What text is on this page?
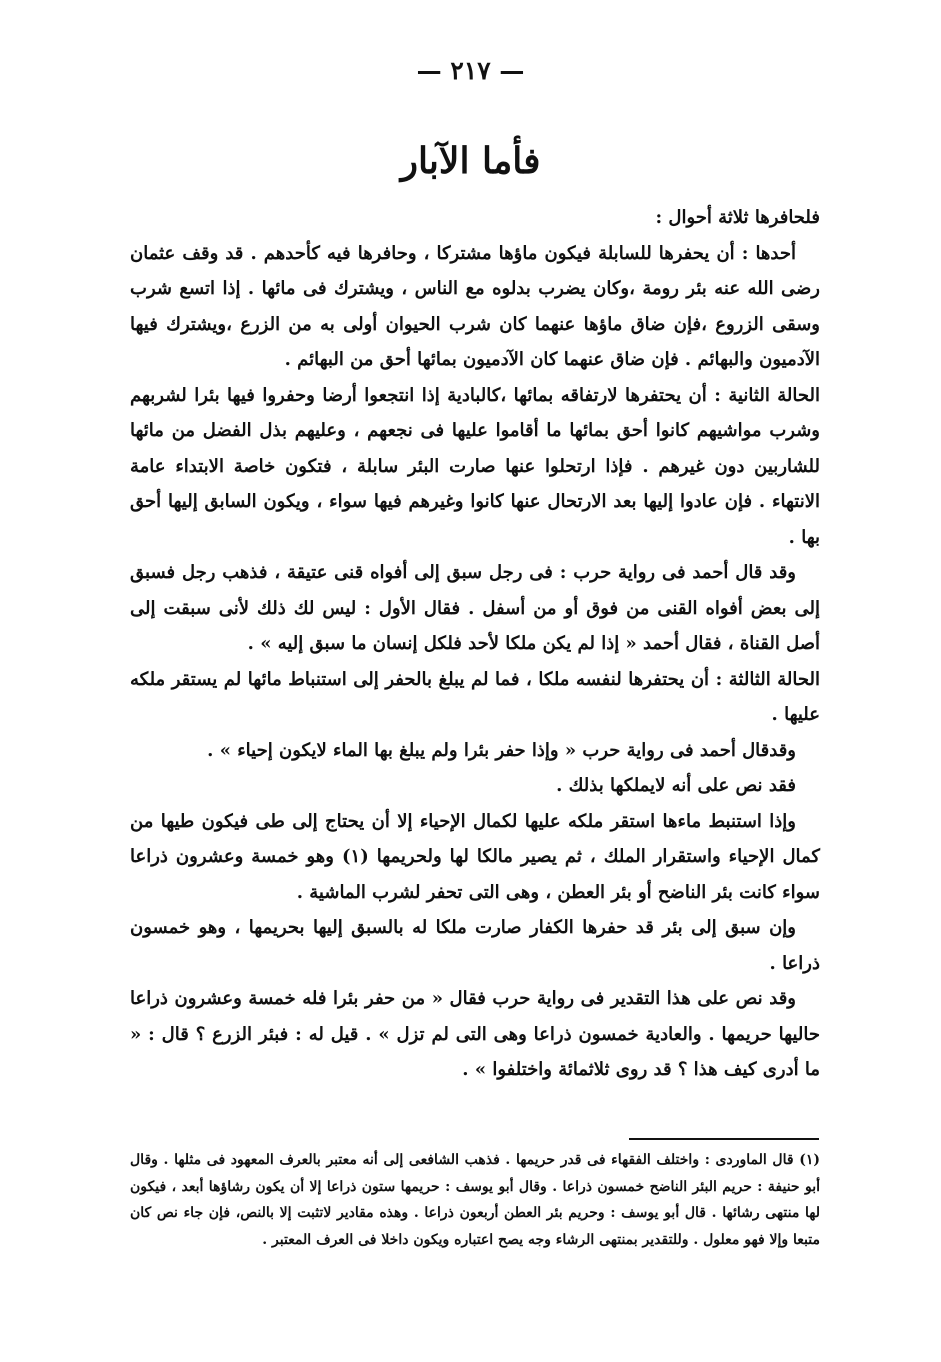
— ٢١٧ —
فأما الآبار

فلحافرها ثلاثة أحوال :

أحدها : أن يحفرها للسابلة فيكون ماؤها مشتركا ، وحافرها فيه كأحدهم . قد وقف عثمان رضى الله عنه بئر رومة ،وكان يضرب بدلوه مع الناس ، ويشترك فى مائها . إذا اتسع شرب وسقى الزروع ،فإن ضاق ماؤها عنهما كان شرب الحيوان أولى به من الزرع ،ويشترك فيها الآدميون والبهائم . فإن ضاق عنهما كان الآدميون بمائها أحق من البهائم .

الحالة الثانية : أن يحتفرها لارتفاقه بمائها ،كالبادية إذا انتجعوا أرضا وحفروا فيها بئرا لشربهم وشرب مواشيهم كانوا أحق بمائها ما أقاموا عليها فى نجعهم ، وعليهم بذل الفضل من مائها للشاربين دون غيرهم . فإذا ارتحلوا عنها صارت البئر سابلة ، فتكون خاصة الابتداء عامة الانتهاء . فإن عادوا إليها بعد الارتحال عنها كانوا وغيرهم فيها سواء ، ويكون السابق إليها أحق بها .

وقد قال أحمد فى رواية حرب : فى رجل سبق إلى أفواه قنى عتيقة ، فذهب رجل فسبق إلى بعض أفواه القنى من فوق أو من أسفل . فقال الأول : ليس لك ذلك لأنى سبقت إلى أصل القناة ، فقال أحمد « إذا لم يكن ملكا لأحد فلكل إنسان ما سبق إليه » .

الحالة الثالثة : أن يحتفرها لنفسه ملكا ، فما لم يبلغ بالحفر إلى استنباط مائها لم يستقر ملكه عليها .

وقدقال أحمد فى رواية حرب « وإذا حفر بئرا ولم يبلغ بها الماء لايكون إحياء » .

فقد نص على أنه لايملكها بذلك .

وإذا استنبط ماءها استقر ملكه عليها لكمال الإحياء إلا أن يحتاج إلى طى فيكون طيها من كمال الإحياء واستقرار الملك ، ثم يصير مالكا لها ولحريمها (١) وهو خمسة وعشرون ذراعا سواء كانت بئر الناضح أو بئر العطن ، وهى التى تحفر لشرب الماشية .

وإن سبق إلى بئر قد حفرها الكفار صارت ملكا له بالسبق إليها بحريمها ، وهو خمسون ذراعا .

وقد نص على هذا التقدير فى رواية حرب فقال « من حفر بئرا فله خمسة وعشرون ذراعا حاليها حريمها . والعادية خمسون ذراعا وهى التى لم تزل » . قيل له : فبئر الزرع ؟ قال : « ما أدرى كيف هذا ؟ قد روى ثلاثمائة واختلفوا » .

(١) قال الماوردى : واختلف الفقهاء فى قدر حريمها . فذهب الشافعى إلى أنه معتبر بالعرف المعهود فى مثلها . وقال أبو حنيفة : حريم البئر الناضح خمسون ذراعا . وقال أبو يوسف : حريمها ستون ذراعا إلا أن يكون رشاؤها أبعد ، فيكون لها منتهى رشائها . قال أبو يوسف : وحريم بئر العطن أربعون ذراعا . وهذه مقادير لاتثبت إلا بالنص، فإن جاء نص كان متبعا وإلا فهو معلول . وللتقدير بمنتهى الرشاء وجه يصح اعتباره ويكون داخلا فى العرف المعتبر .
